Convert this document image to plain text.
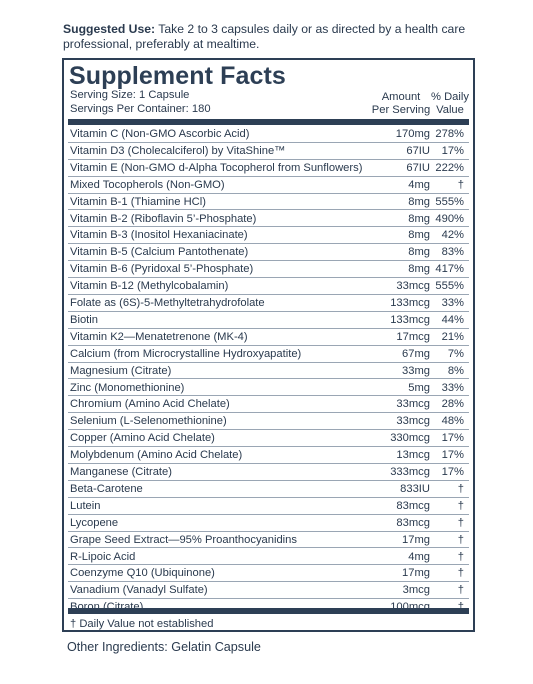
Suggested Use: Take 2 to 3 capsules daily or as directed by a health care professional, preferably at mealtime.
Supplement Facts
Serving Size: 1 Capsule
Servings Per Container: 180
Amount
Per Serving
% Daily
Value
Vitamin C (Non-GMO Ascorbic Acid)	170mg 278%
Vitamin D3 (Cholecalciferol) by VitaShine™	67IU	17%
Vitamin E (Non-GMO d-Alpha Tocopherol from Sunflowers)	67IU 222%
Mixed Tocopherols (Non-GMO)	4mg	†
Vitamin B-1 (Thiamine HCl)	8mg 555%
Vitamin B-2 (Riboflavin 5’-Phosphate)	8mg 490%
Vitamin B-3 (Inositol Hexaniacinate)	8mg	42%
Vitamin B-5 (Calcium Pantothenate)	8mg	83%
Vitamin B-6 (Pyridoxal 5’-Phosphate)	8mg 417%
Vitamin B-12 (Methylcobalamin)	33mcg 555%
Folate as (6S)-5-Methyltetrahydrofolate	133mcg	33%
Biotin	133mcg	44%
Vitamin K2—Menatetrenone (MK-4)	17mcg	21%
Calcium (from Microcrystalline Hydroxyapatite)	67mg	7%
Magnesium (Citrate)	33mg	8%
Zinc (Monomethionine)	5mg	33%
Chromium (Amino Acid Chelate)	33mcg	28%
Selenium (L-Selenomethionine)	33mcg	48%
Copper (Amino Acid Chelate)	330mcg	17%
Molybdenum (Amino Acid Chelate)	13mcg	17%
Manganese (Citrate)	333mcg	17%
Beta-Carotene	833IU	†
Lutein	83mcg	†
Lycopene	83mcg	†
Grape Seed Extract—95% Proanthocyanidins	17mg	†
R-Lipoic Acid	4mg	†
Coenzyme Q10 (Ubiquinone)	17mg	†
Vanadium (Vanadyl Sulfate)	3mcg	†
† Daily Value not established
Other Ingredients: Gelatin Capsule
